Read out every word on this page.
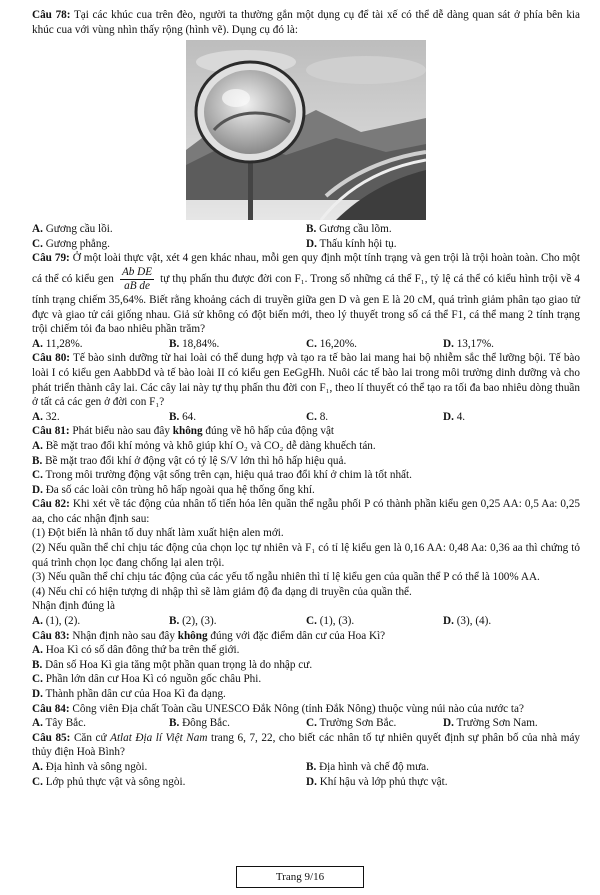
Câu 78: Tại các khúc cua trên đèo, người ta thường gắn một dụng cụ để tài xế có thể dễ dàng quan sát ở phía bên kia khúc cua với vùng nhìn thấy rộng (hình vẽ). Dụng cụ đó là:

A. Gương cầu lồi.	B. Gương cầu lõm.
C. Gương phẳng.	D. Thấu kính hội tụ.

Câu 79: Ở một loài thực vật, xét 4 gen khác nhau, mỗi gen quy định một tính trạng và gen trội là trội hoàn toàn. Cho một cá thể có kiểu gen $\frac{\text{Ab DE}}{\text{aB de}}$ tự thụ phấn thu được đời con F₁. Trong số những cá thể F₁, tỷ lệ cá thể có kiểu hình trội về 4 tính trạng chiếm 35,64%. Biết rằng khoảng cách di truyền giữa gen D và gen E là 20 cM, quá trình giảm phân tạo giao tử đực và giao tử cái giống nhau. Giả sử không có đột biến mới, theo lý thuyết trong số cá thể F1, cá thể mang 2 tính trạng trội chiếm tỏi đa bao nhiêu phần trăm?

A. 11,28%.	B. 18,84%.	C. 16,20%.	D. 13,17%.

Câu 80: Tế bào sinh dưỡng từ hai loài có thể dung hợp và tạo ra tế bào lai mang hai bộ nhiễm sắc thể lưỡng bội. Tế bào loài I có kiểu gen AabbDd và tế bào loài II có kiểu gen EeGgHh. Nuôi các tế bào lai trong môi trường dinh dưỡng và cho phát triển thành cây lai. Các cây lai này tự thụ phấn thu đời con F₁, theo lí thuyết có thể tạo ra tối đa bao nhiêu dòng thuần ở tất cả các gen ở đời con F₁?

A. 32.	B. 64.	C. 8.	D. 4.

Câu 81: Phát biểu nào sau đây không đúng về hô hấp của động vật

A. Bề mặt trao đổi khí mỏng và khô giúp khí O₂ và CO₂ dễ dàng khuếch tán.
B. Bề mặt trao đổi khí ở động vật có tỷ lệ S/V lớn thì hô hấp hiệu quả.
C. Trong môi trường động vật sống trên cạn, hiệu quả trao đổi khí ở chim là tốt nhất.
D. Đa số các loài côn trùng hô hấp ngoài qua hệ thống ống khí.

Câu 82: Khi xét về tác động của nhân tố tiến hóa lên quần thể ngẫu phối P có thành phần kiểu gen 0,25 AA: 0,5 Aa: 0,25 aa, cho các nhận định sau:

(1) Đột biến là nhân tố duy nhất làm xuất hiện alen mới.
(2) Nếu quần thể chỉ chịu tác động của chọn lọc tự nhiên và F₁ có tỉ lệ kiểu gen là 0,16 AA: 0,48 Aa: 0,36 aa thì chứng tỏ quá trình chọn lọc đang chống lại alen trội.
(3) Nếu quần thể chỉ chịu tác động của các yếu tố ngẫu nhiên thì tỉ lệ kiểu gen của quần thể P có thể là 100% AA.
(4) Nếu chỉ có hiện tượng di nhập thì sẽ làm giảm độ đa dạng di truyền của quần thể.
Nhận định đúng là
A. (1), (2).	B. (2), (3).	C. (1), (3).	D. (3), (4).

Câu 83: Nhận định nào sau đây không đúng với đặc điểm dân cư của Hoa Kì?

A. Hoa Kì có số dân đông thứ ba trên thế giới.
B. Dân số Hoa Kì gia tăng một phần quan trọng là do nhập cư.
C. Phần lớn dân cư Hoa Kì có nguồn gốc châu Phi.
D. Thành phần dân cư của Hoa Kì đa dạng.

Câu 84: Công viên Địa chất Toàn cầu UNESCO Đắk Nông (tỉnh Đắk Nông) thuộc vùng núi nào của nước ta?

A. Tây Bắc.	B. Đông Bắc.	C. Trường Sơn Bắc.	D. Trường Sơn Nam.

Câu 85: Căn cứ Atlat Địa lí Việt Nam trang 6, 7, 22, cho biết các nhân tố tự nhiên quyết định sự phân bố của nhà máy thủy điện Hoà Bình?

A. Địa hình và sông ngòi.	B. Địa hình và chế độ mưa.
C. Lớp phủ thực vật và sông ngòi.	D. Khí hậu và lớp phủ thực vật.
Trang 9/16
